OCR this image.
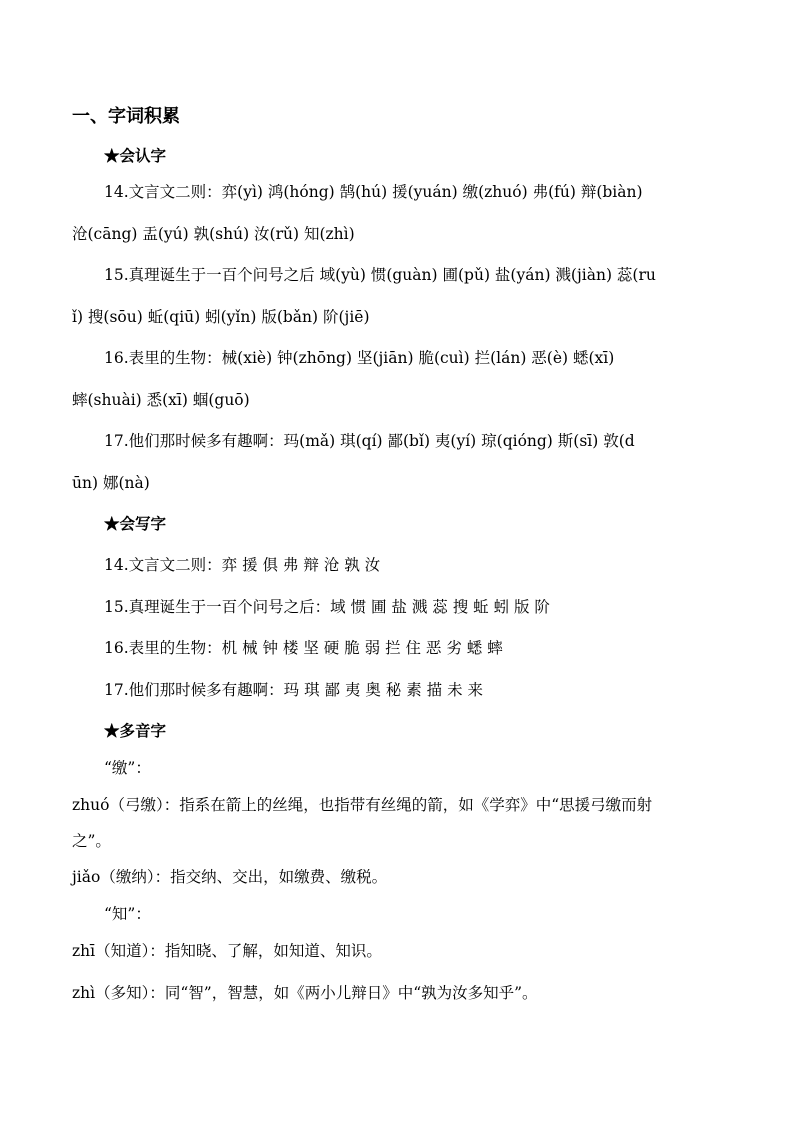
一、字词积累
★会认字
14.文言文二则：弈(yì) 鸿(hóng) 鹄(hú) 援(yuán) 缴(zhuó) 弗(fú) 辩(biàn)
沧(cāng) 盂(yú) 孰(shú) 汝(rǔ) 知(zhì)
15.真理诞生于一百个问号之后 域(yù) 惯(guàn) 圃(pǔ) 盐(yán) 溅(jiàn) 蕊(ru
ǐ) 搜(sōu) 蚯(qiū) 蚓(yǐn) 版(bǎn) 阶(jiē)
16.表里的生物：械(xiè) 钟(zhōng) 坚(jiān) 脆(cuì) 拦(lán) 恶(è) 蟋(xī)
蟀(shuài) 悉(xī) 蝈(guō)
17.他们那时候多有趣啊：玛(mǎ) 琪(qí) 鄙(bǐ) 夷(yí) 琼(qióng) 斯(sī) 敦(d
ūn) 娜(nà)
★会写字
14.文言文二则：弈 援 俱 弗 辩 沧 孰 汝
15.真理诞生于一百个问号之后：域 惯 圃 盐 溅 蕊 搜 蚯 蚓 版 阶
16.表里的生物：机 械 钟 楼 坚 硬 脆 弱 拦 住 恶 劣 蟋 蟀
17.他们那时候多有趣啊：玛 琪 鄙 夷 奥 秘 素 描 未 来
★多音字
“缴”：
zhuó（弓缴）：指系在箭上的丝绳，也指带有丝绳的箭，如《学弈》中“思援弓缴而射
之”。
jiǎo（缴纳）：指交纳、交出，如缴费、缴税。
“知”：
zhī（知道）：指知晓、了解，如知道、知识。
zhì（多知）：同“智”，智慧，如《两小儿辩日》中“孰为汝多知乎”。
